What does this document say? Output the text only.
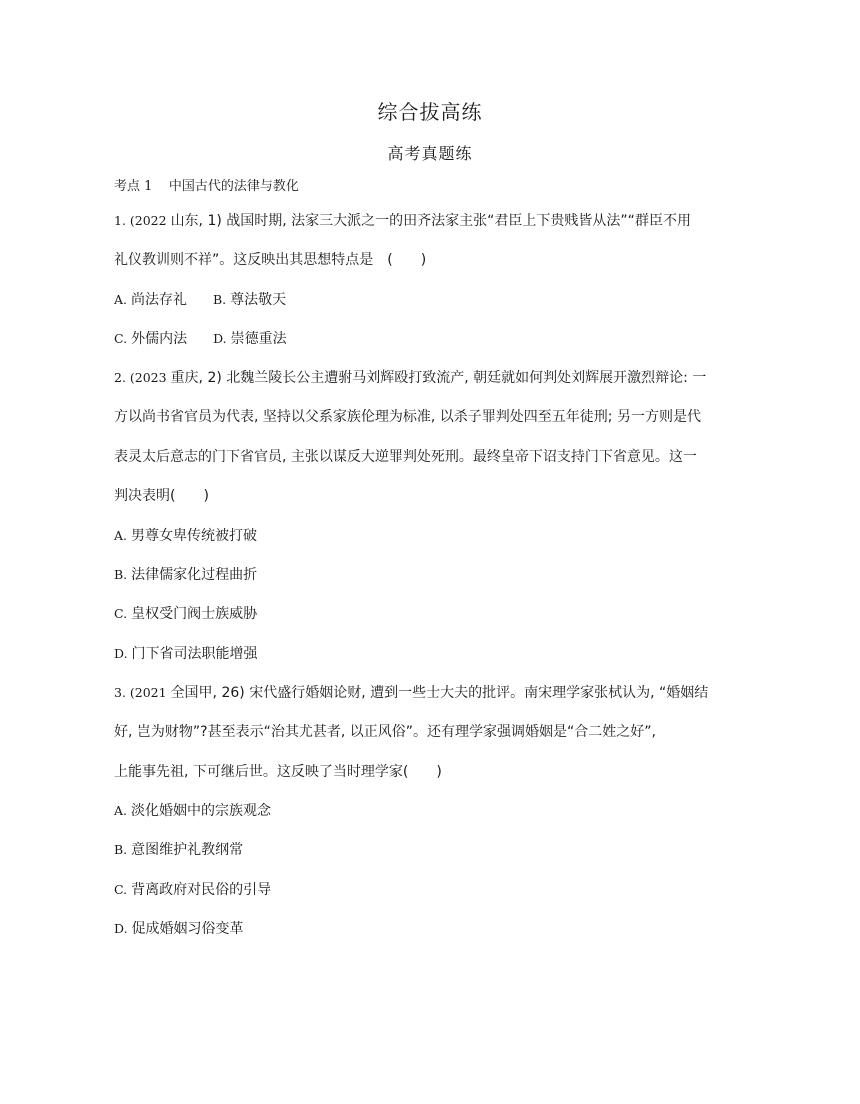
综合拔高练
高考真题练
考点 1    中国古代的法律与教化
1. (2022 山东, 1) 战国时期, 法家三大派之一的田齐法家主张“君臣上下贵贱皆从法”“群臣不用
礼仪教训则不祥”。这反映出其思想特点是　(　　)
A. 尚法存礼 B. 尊法敬天
C. 外儒内法 D. 崇德重法
2. (2023 重庆, 2) 北魏兰陵长公主遭驸马刘辉殴打致流产, 朝廷就如何判处刘辉展开激烈辩论: 一
方以尚书省官员为代表, 坚持以父系家族伦理为标准, 以杀子罪判处四至五年徒刑; 另一方则是代
表灵太后意志的门下省官员, 主张以谋反大逆罪判处死刑。最终皇帝下诏支持门下省意见。这一
判决表明(　　)
A. 男尊女卑传统被打破
B. 法律儒家化过程曲折
C. 皇权受门阀士族威胁
D. 门下省司法职能增强
3. (2021 全国甲, 26) 宋代盛行婚姻论财, 遭到一些士大夫的批评。南宋理学家张栻认为, “婚姻结
好, 岂为财物”?甚至表示“治其尤甚者, 以正风俗”。还有理学家强调婚姻是“合二姓之好”,
上能事先祖, 下可继后世。这反映了当时理学家(　　)
A. 淡化婚姻中的宗族观念
B. 意图维护礼教纲常
C. 背离政府对民俗的引导
D. 促成婚姻习俗变革
